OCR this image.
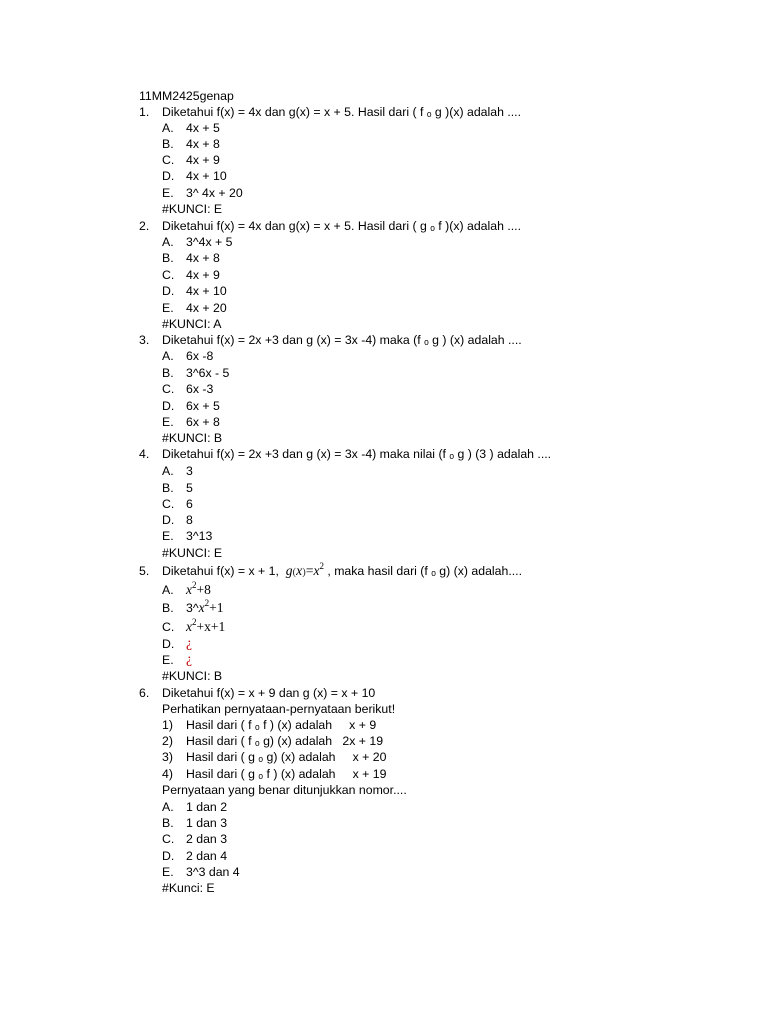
11MM2425genap
1. Diketahui f(x) = 4x dan g(x) = x + 5. Hasil dari ( f ₒ g )(x) adalah ....
A. 4x + 5
B. 4x + 8
C. 4x + 9
D. 4x + 10
E. 3^ 4x + 20
#KUNCI: E
2. Diketahui f(x) = 4x dan g(x) = x + 5. Hasil dari ( g ₒ f )(x) adalah ....
A. 3^4x + 5
B. 4x + 8
C. 4x + 9
D. 4x + 10
E. 4x + 20
#KUNCI: A
3. Diketahui f(x) = 2x +3 dan g (x) = 3x -4) maka (f ₒ g ) (x) adalah ....
A. 6x -8
B. 3^6x - 5
C. 6x -3
D. 6x + 5
E. 6x + 8
#KUNCI: B
4. Diketahui f(x) = 2x +3 dan g (x) = 3x -4) maka nilai (f ₒ g ) (3 ) adalah ....
A. 3
B. 5
C. 6
D. 8
E. 3^13
#KUNCI: E
5. Diketahui f(x) = x + 1, $g(x)=x^2$ , maka hasil dari (f ₒ g) (x) adalah....
A. $x^2+8$
B. $3\^{}x^2+1$
C. $x^2+x+1$
D. ¿
E. ¿
#KUNCI: B
6. Diketahui f(x) = x + 9 dan g (x) = x + 10
Perhatikan pernyataan-pernyataan berikut!
1) Hasil dari ( f ₒ f ) (x) adalah     x + 9
2) Hasil dari ( f ₒ g) (x) adalah   2x + 19
3) Hasil dari ( g ₒ g) (x) adalah     x + 20
4) Hasil dari ( g ₒ f ) (x) adalah     x + 19
Pernyataan yang benar ditunjukkan nomor....
A. 1 dan 2
B. 1 dan 3
C. 2 dan 3
D. 2 dan 4
E. 3^3 dan 4
#Kunci: E
